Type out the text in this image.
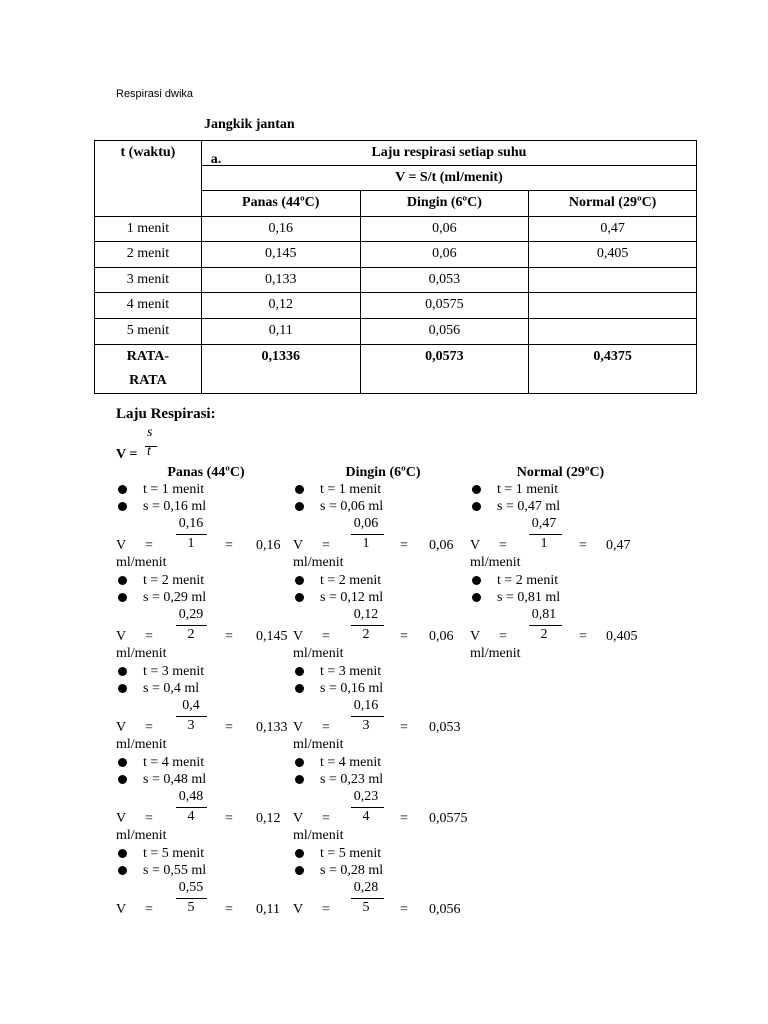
Respirasi dwika
a.
Jangkik jantan
t (waktu)	Laju respirasi setiap suhu		
	V = S/t (ml/menit)		
	Panas (44ºC)	Dingin (6ºC)	Normal (29ºC)
1 menit	0,16	0,06	0,47
2 menit	0,145	0,06	0,405
3 menit	0,133	0,053	
4 menit	0,12	0,0575	
5 menit	0,11	0,056	
RATA-
RATA	0,1336	0,0573	0,4375
Laju Respirasi:
V =
s
t
Panas (44ºC)
t = 1 menit
s = 0,16 ml
0,16
1
V =	= 0,16
ml/menit
t = 2 menit
s = 0,29 ml
0,29
2
V =	= 0,145
ml/menit
t = 3 menit
s = 0,4 ml
0,4
3
V =	= 0,133
ml/menit
t = 4 menit
s = 0,48 ml
0,48
4
V =	= 0,12
ml/menit
t = 5 menit
s = 0,55 ml
0,55
5
V =	= 0,11
Dingin (6ºC)
t = 1 menit
s = 0,06 ml
0,06
1
V =	= 0,06
ml/menit
t = 2 menit
s = 0,12 ml
0,12
2
V =	= 0,06
ml/menit
t = 3 menit
s = 0,16 ml
0,16
3
V =	= 0,053
ml/menit
t = 4 menit
s = 0,23 ml
0,23
4
V =	= 0,0575
ml/menit
t = 5 menit
s = 0,28 ml
0,28
5
V =	= 0,056
Normal (29ºC)
t = 1 menit
s = 0,47 ml
0,47
1
V =	= 0,47
ml/menit
t = 2 menit
s = 0,81 ml
0,81
2
V =	= 0,405
ml/menit
